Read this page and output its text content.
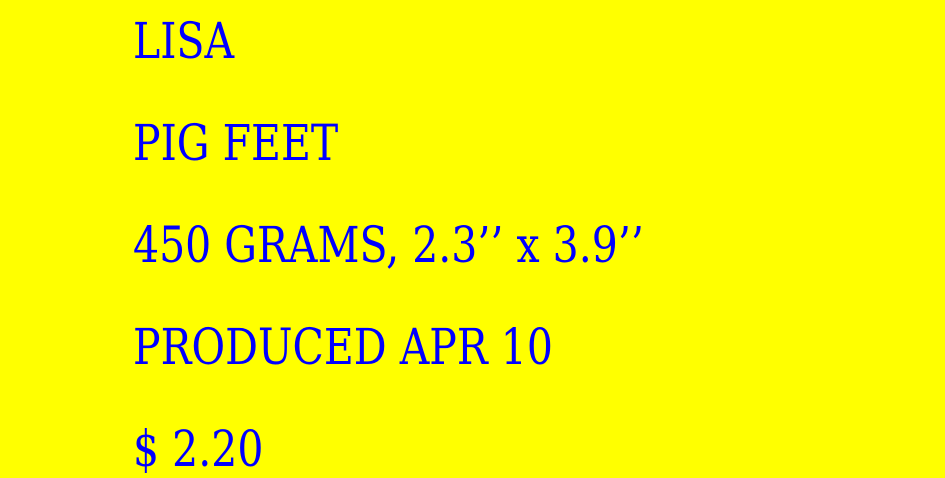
LISA

PIG FEET

450 GRAMS, 2.3’’ x 3.9’’

PRODUCED APR 10

$ 2.20
